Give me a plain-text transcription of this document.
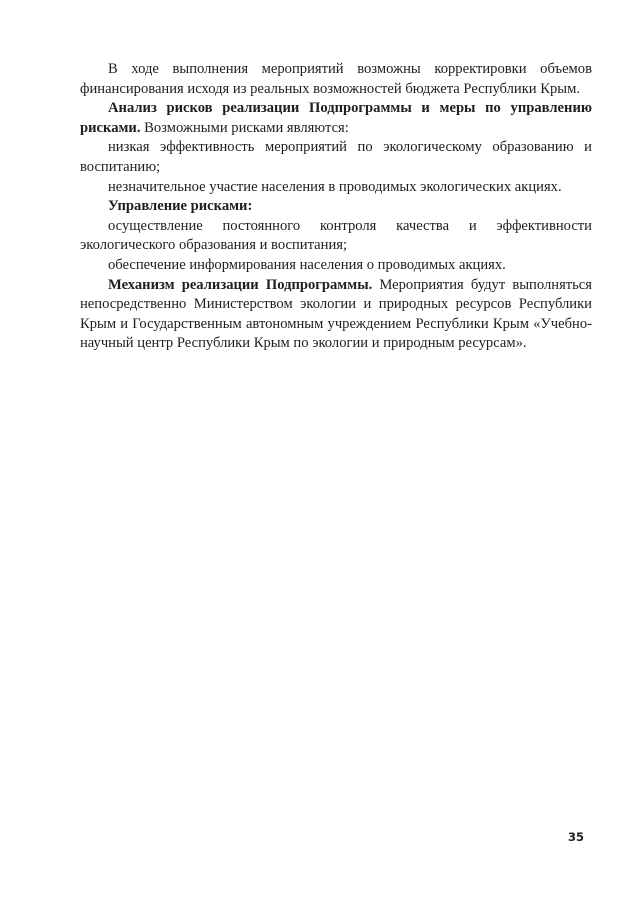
В ходе выполнения мероприятий возможны корректировки объемов финансирования исходя из реальных возможностей бюджета Республики Крым.

Анализ рисков реализации Подпрограммы и меры по управлению рисками. Возможными рисками являются:

низкая эффективность мероприятий по экологическому образованию и воспитанию;

незначительное участие населения в проводимых экологических акциях.

Управление рисками:

осуществление постоянного контроля качества и эффективности экологического образования и воспитания;

обеспечение информирования населения о проводимых акциях.

Механизм реализации Подпрограммы. Мероприятия будут выполняться непосредственно Министерством экологии и природных ресурсов Республики Крым и Государственным автономным учреждением Республики Крым «Учебно-научный центр Республики Крым по экологии и природным ресурсам».

35
